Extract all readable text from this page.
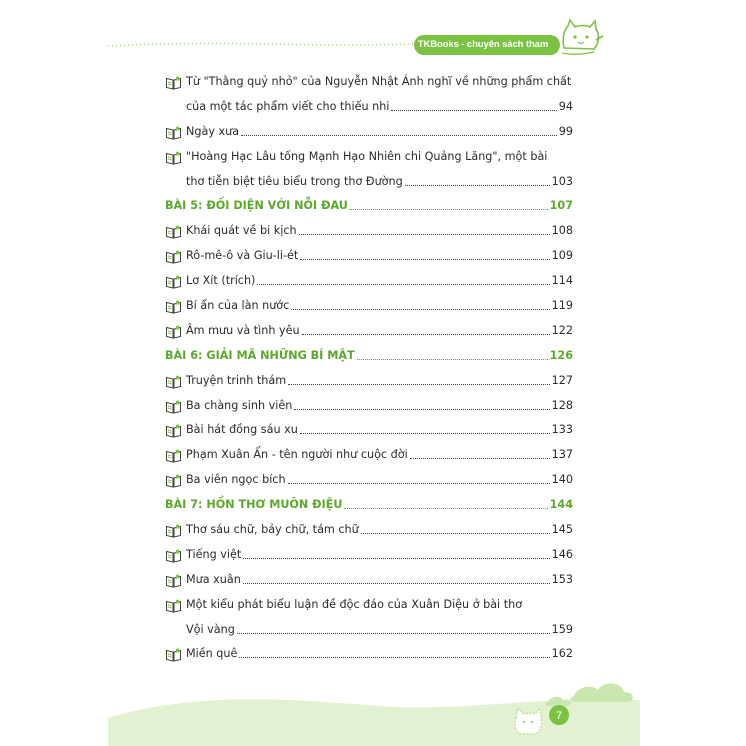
TKBooks - chuyên sách tham khảo
Từ "Thằng quỷ nhỏ" của Nguyễn Nhật Ánh nghĩ về những phẩm chất
của một tác phẩm viết cho thiếu nhi	94
Ngày xưa	99
"Hoàng Hạc Lâu tống Mạnh Hạo Nhiên chi Quảng Lăng", một bài
thơ tiễn biệt tiêu biểu trong thơ Đường	103
BÀI 5: ĐỐI DIỆN VỚI NỖI ĐAU	107
Khái quát về bi kịch	108
Rô-mê-ô và Giu-li-ét	109
Lơ Xít (trích)	114
Bí ẩn của làn nước	119
Âm mưu và tình yêu	122
BÀI 6: GIẢI MÃ NHỮNG BÍ MẬT	126
Truyện trinh thám	127
Ba chàng sinh viên	128
Bài hát đồng sáu xu	133
Phạm Xuân Ẩn - tên người như cuộc đời	137
Ba viên ngọc bích	140
BÀI 7: HỒN THƠ MUÔN ĐIỆU	144
Thơ sáu chữ, bảy chữ, tám chữ	145
Tiếng việt	146
Mưa xuân	153
Một kiểu phát biểu luận đề độc đáo của Xuân Diệu ở bài thơ
Vội vàng	159
Miền quê	162
7
